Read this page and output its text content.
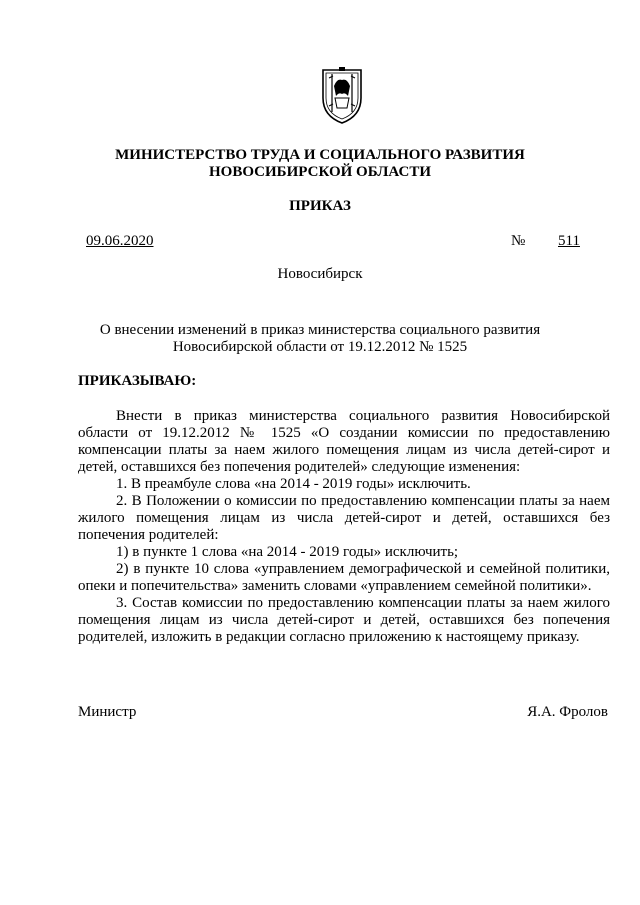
МИНИСТЕРСТВО ТРУДА И СОЦИАЛЬНОГО РАЗВИТИЯ
НОВОСИБИРСКОЙ ОБЛАСТИ
ПРИКАЗ
09.06.2020	№ 511
Новосибирск
О внесении изменений в приказ министерства социального развития
Новосибирской области от 19.12.2012 № 1525
ПРИКАЗЫВАЮ:

Внести в приказ министерства социального развития Новосибирской области от 19.12.2012 № 1525 «О создании комиссии по предоставлению компенсации платы за наем жилого помещения лицам из числа детей-сирот и детей, оставшихся без попечения родителей» следующие изменения:

1. В преамбуле слова «на 2014 - 2019 годы» исключить.

2. В Положении о комиссии по предоставлению компенсации платы за наем жилого помещения лицам из числа детей-сирот и детей, оставшихся без попечения родителей:

1) в пункте 1 слова «на 2014 - 2019 годы» исключить;

2) в пункте 10 слова «управлением демографической и семейной политики, опеки и попечительства» заменить словами «управлением семейной политики».

3. Состав комиссии по предоставлению компенсации платы за наем жилого помещения лицам из числа детей-сирот и детей, оставшихся без попечения родителей, изложить в редакции согласно приложению к настоящему приказу.

Министр	Я.А. Фролов
